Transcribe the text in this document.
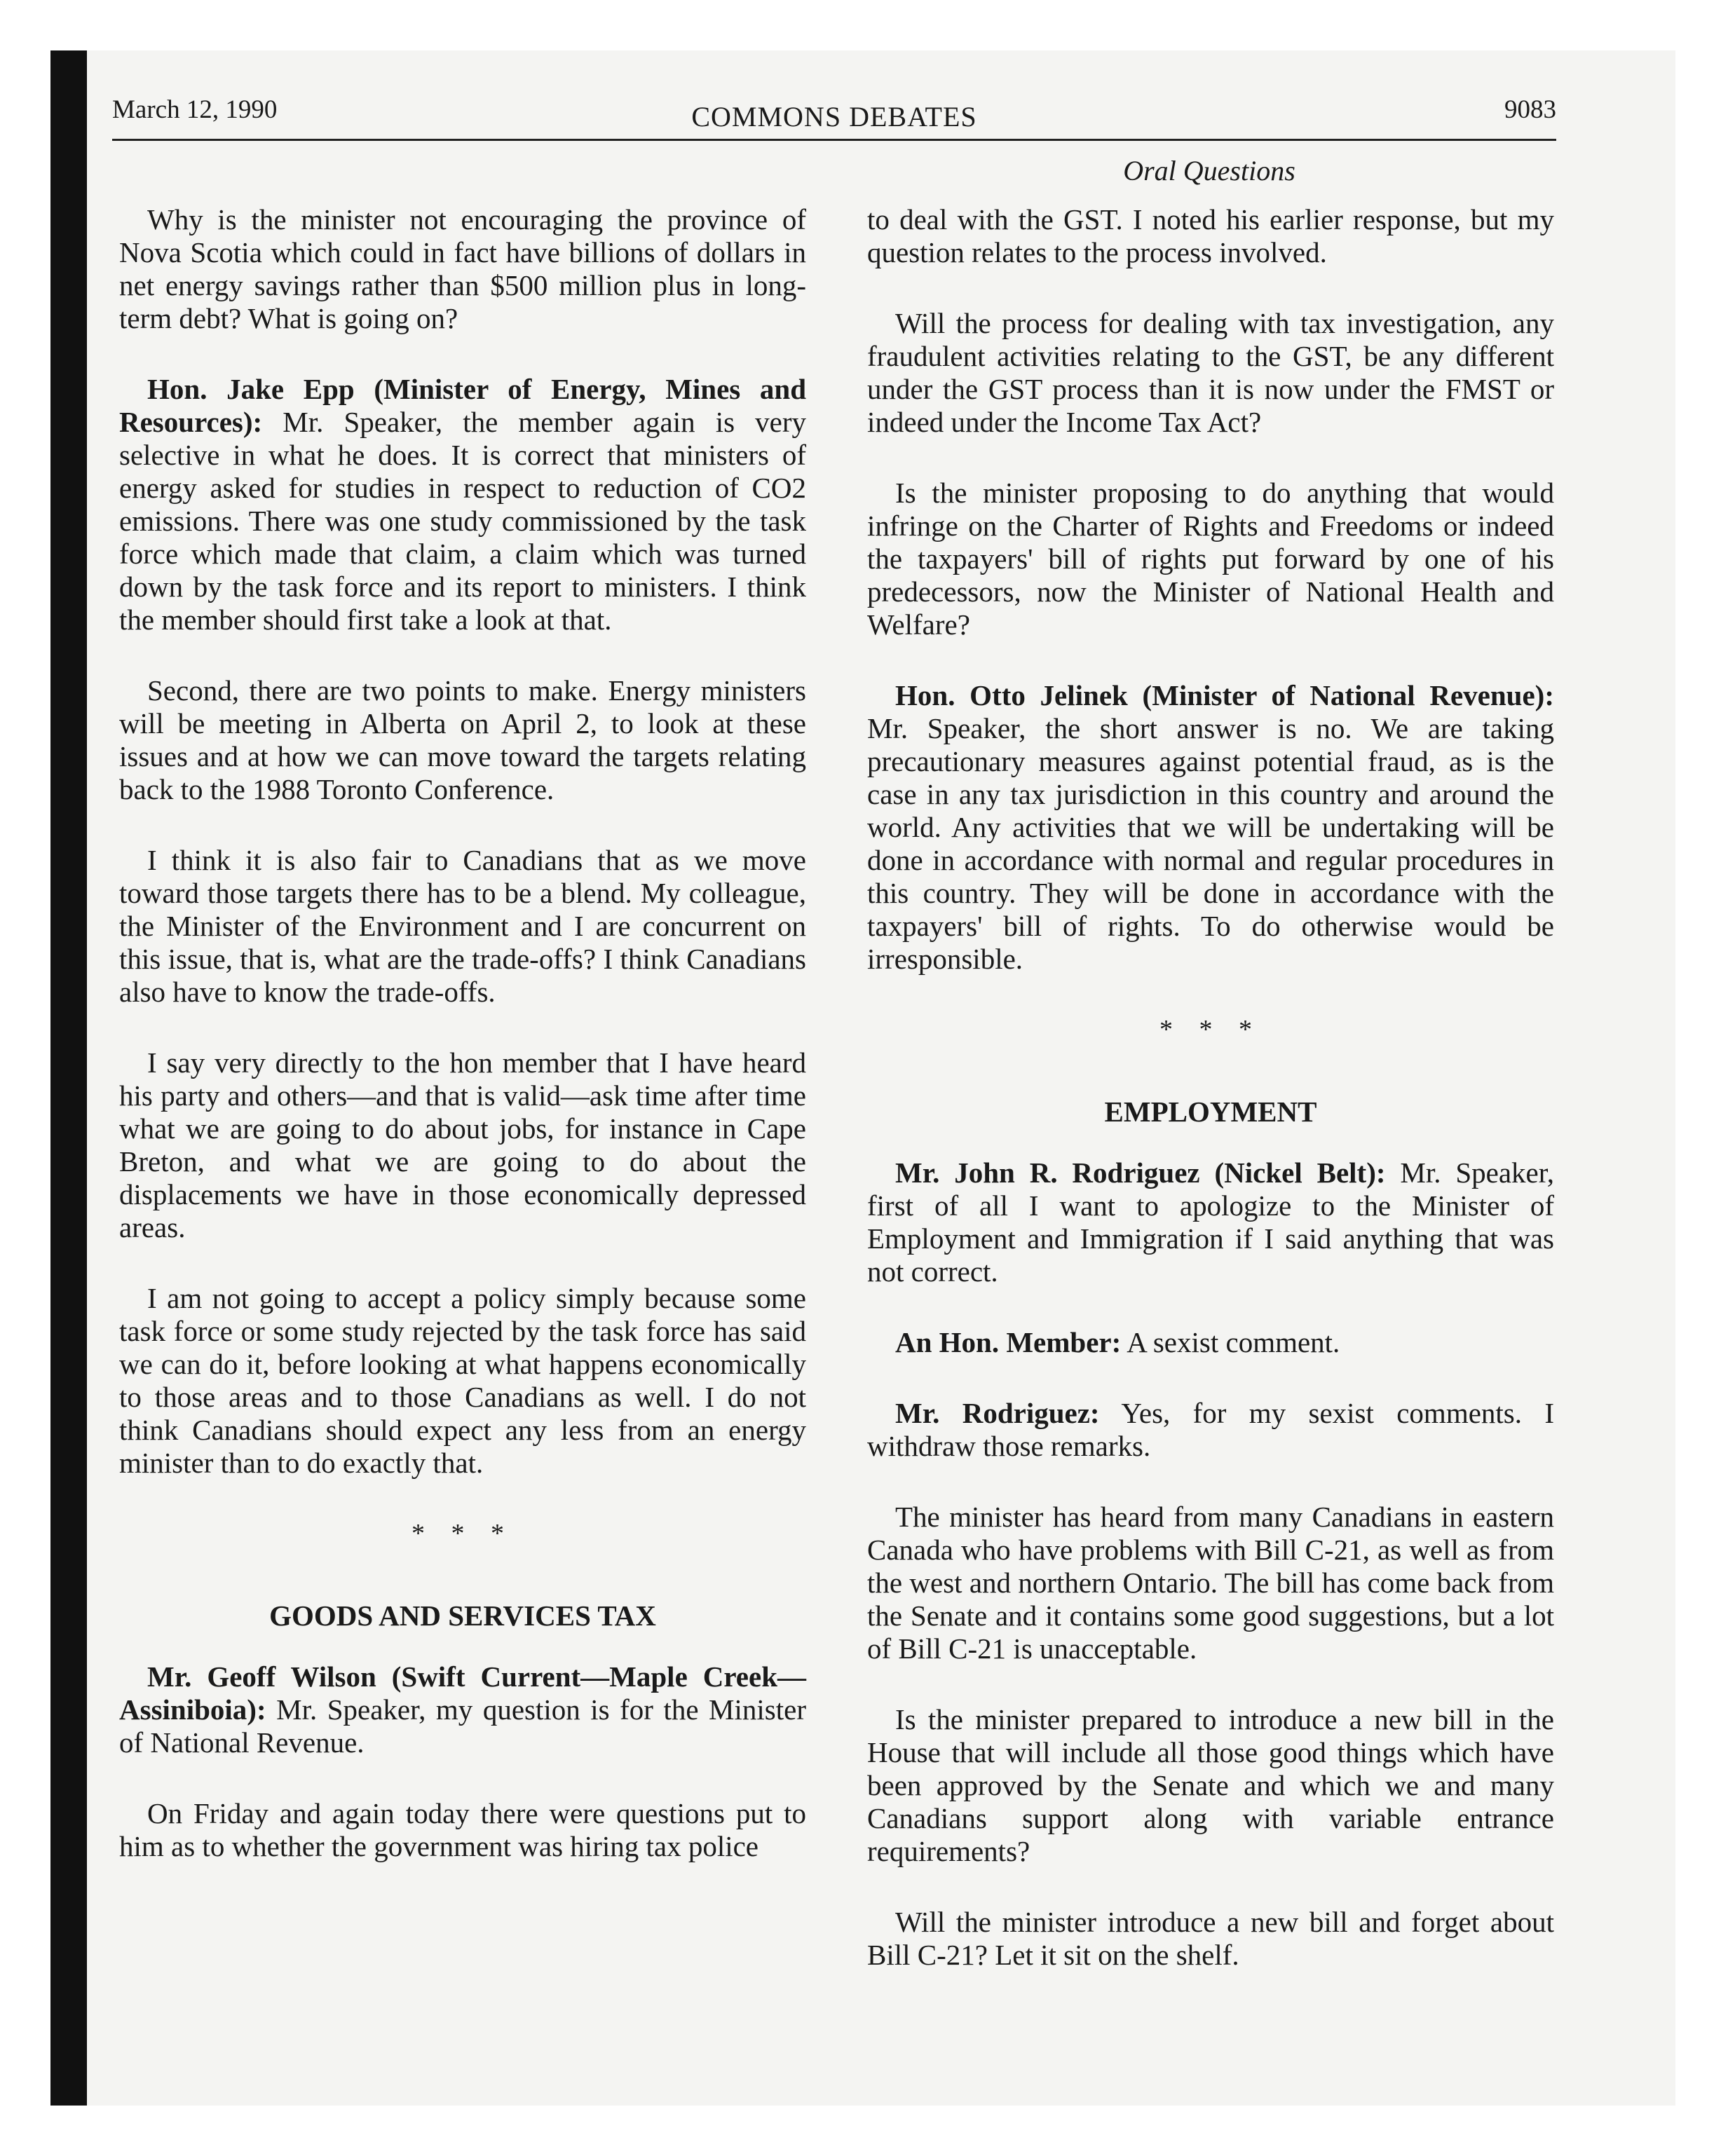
March 12, 1990	COMMONS DEBATES	9083
Oral Questions

Why is the minister not encouraging the province of Nova Scotia which could in fact have billions of dollars in net energy savings rather than $500 million plus in long-term debt? What is going on?

Hon. Jake Epp (Minister of Energy, Mines and Resources): Mr. Speaker, the member again is very selective in what he does. It is correct that ministers of energy asked for studies in respect to reduction of CO2 emissions. There was one study commissioned by the task force which made that claim, a claim which was turned down by the task force and its report to ministers. I think the member should first take a look at that.

Second, there are two points to make. Energy ministers will be meeting in Alberta on April 2, to look at these issues and at how we can move toward the targets relating back to the 1988 Toronto Conference.

I think it is also fair to Canadians that as we move toward those targets there has to be a blend. My colleague, the Minister of the Environment and I are concurrent on this issue, that is, what are the trade-offs? I think Canadians also have to know the trade-offs.

I say very directly to the hon member that I have heard his party and others—and that is valid—ask time after time what we are going to do about jobs, for instance in Cape Breton, and what we are going to do about the displacements we have in those economically depressed areas.

I am not going to accept a policy simply because some task force or some study rejected by the task force has said we can do it, before looking at what happens economically to those areas and to those Canadians as well. I do not think Canadians should expect any less from an energy minister than to do exactly that.

* * *
GOODS AND SERVICES TAX

Mr. Geoff Wilson (Swift Current—Maple Creek—Assiniboia): Mr. Speaker, my question is for the Minister of National Revenue.

On Friday and again today there were questions put to him as to whether the government was hiring tax police

to deal with the GST. I noted his earlier response, but my question relates to the process involved.

Will the process for dealing with tax investigation, any fraudulent activities relating to the GST, be any different under the GST process than it is now under the FMST or indeed under the Income Tax Act?

Is the minister proposing to do anything that would infringe on the Charter of Rights and Freedoms or indeed the taxpayers' bill of rights put forward by one of his predecessors, now the Minister of National Health and Welfare?

Hon. Otto Jelinek (Minister of National Revenue): Mr. Speaker, the short answer is no. We are taking precautionary measures against potential fraud, as is the case in any tax jurisdiction in this country and around the world. Any activities that we will be undertaking will be done in accordance with normal and regular procedures in this country. They will be done in accordance with the taxpayers' bill of rights. To do otherwise would be irresponsible.

* * *
EMPLOYMENT

Mr. John R. Rodriguez (Nickel Belt): Mr. Speaker, first of all I want to apologize to the Minister of Employment and Immigration if I said anything that was not correct.

An Hon. Member: A sexist comment.

Mr. Rodriguez: Yes, for my sexist comments. I withdraw those remarks.

The minister has heard from many Canadians in eastern Canada who have problems with Bill C-21, as well as from the west and northern Ontario. The bill has come back from the Senate and it contains some good suggestions, but a lot of Bill C-21 is unacceptable.

Is the minister prepared to introduce a new bill in the House that will include all those good things which have been approved by the Senate and which we and many Canadians support along with variable entrance requirements?

Will the minister introduce a new bill and forget about Bill C-21? Let it sit on the shelf.
